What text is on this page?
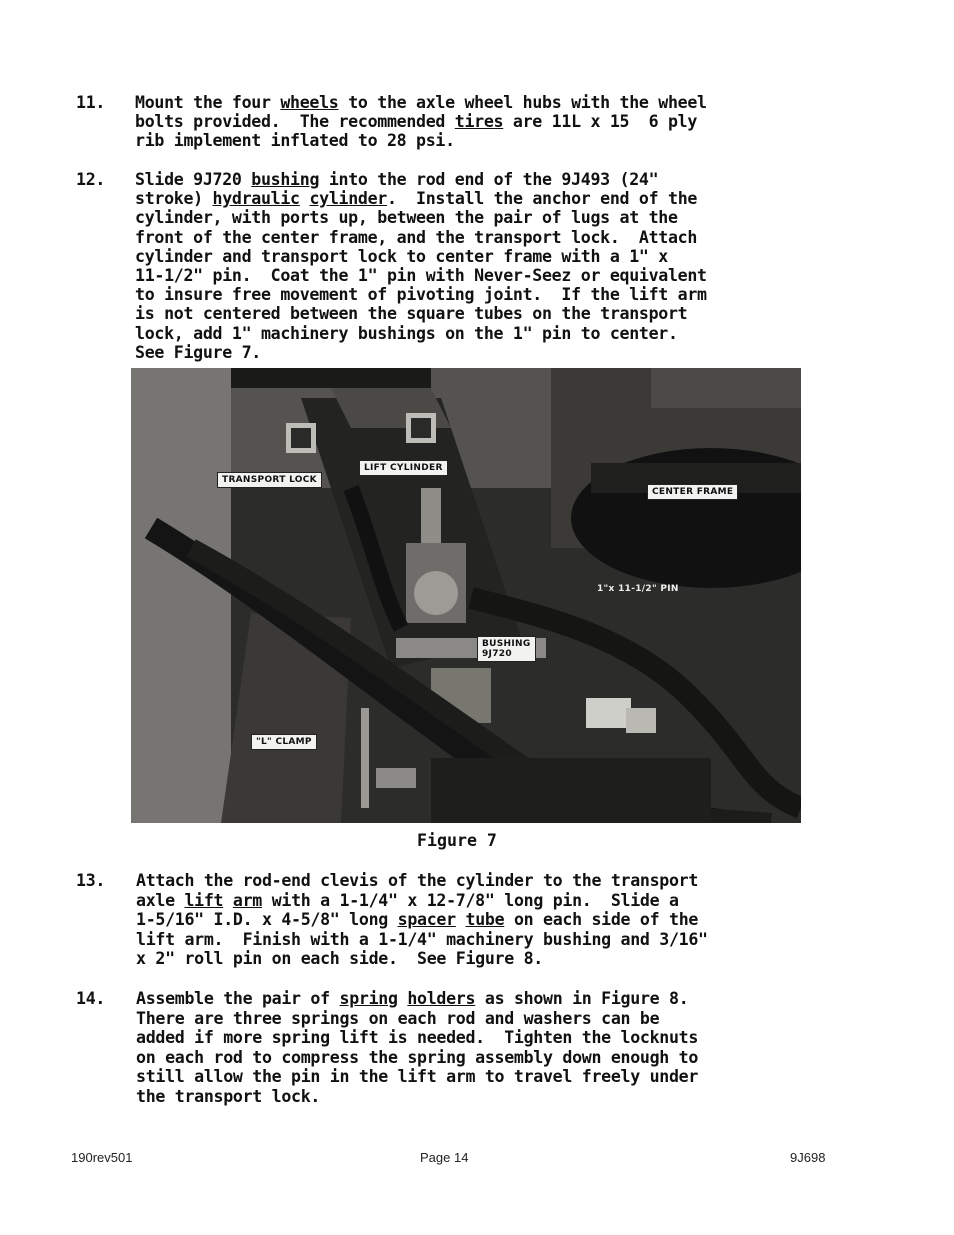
11. Mount the four wheels to the axle wheel hubs with the wheel
bolts provided.  The recommended tires are 11L x 15  6 ply
rib implement inflated to 28 psi.
12. Slide 9J720 bushing into the rod end of the 9J493 (24"
stroke) hydraulic cylinder.  Install the anchor end of the
cylinder, with ports up, between the pair of lugs at the
front of the center frame, and the transport lock.  Attach
cylinder and transport lock to center frame with a 1" x
11-1/2" pin.  Coat the 1" pin with Never-Seez or equivalent
to insure free movement of pivoting joint.  If the lift arm
is not centered between the square tubes on the transport
lock, add 1" machinery bushings on the 1" pin to center.
See Figure 7.
TRANSPORT LOCK
LIFT CYLINDER
CENTER FRAME
1"x 11-1/2" PIN
BUSHING
9J720
"L" CLAMP
Figure 7
13. Attach the rod-end clevis of the cylinder to the transport
axle lift arm with a 1-1/4" x 12-7/8" long pin.  Slide a
1-5/16" I.D. x 4-5/8" long spacer tube on each side of the
lift arm.  Finish with a 1-1/4" machinery bushing and 3/16"
x 2" roll pin on each side.  See Figure 8.
14. Assemble the pair of spring holders as shown in Figure 8.
There are three springs on each rod and washers can be
added if more spring lift is needed.  Tighten the locknuts
on each rod to compress the spring assembly down enough to
still allow the pin in the lift arm to travel freely under
the transport lock.
190rev501	Page 14	9J698
